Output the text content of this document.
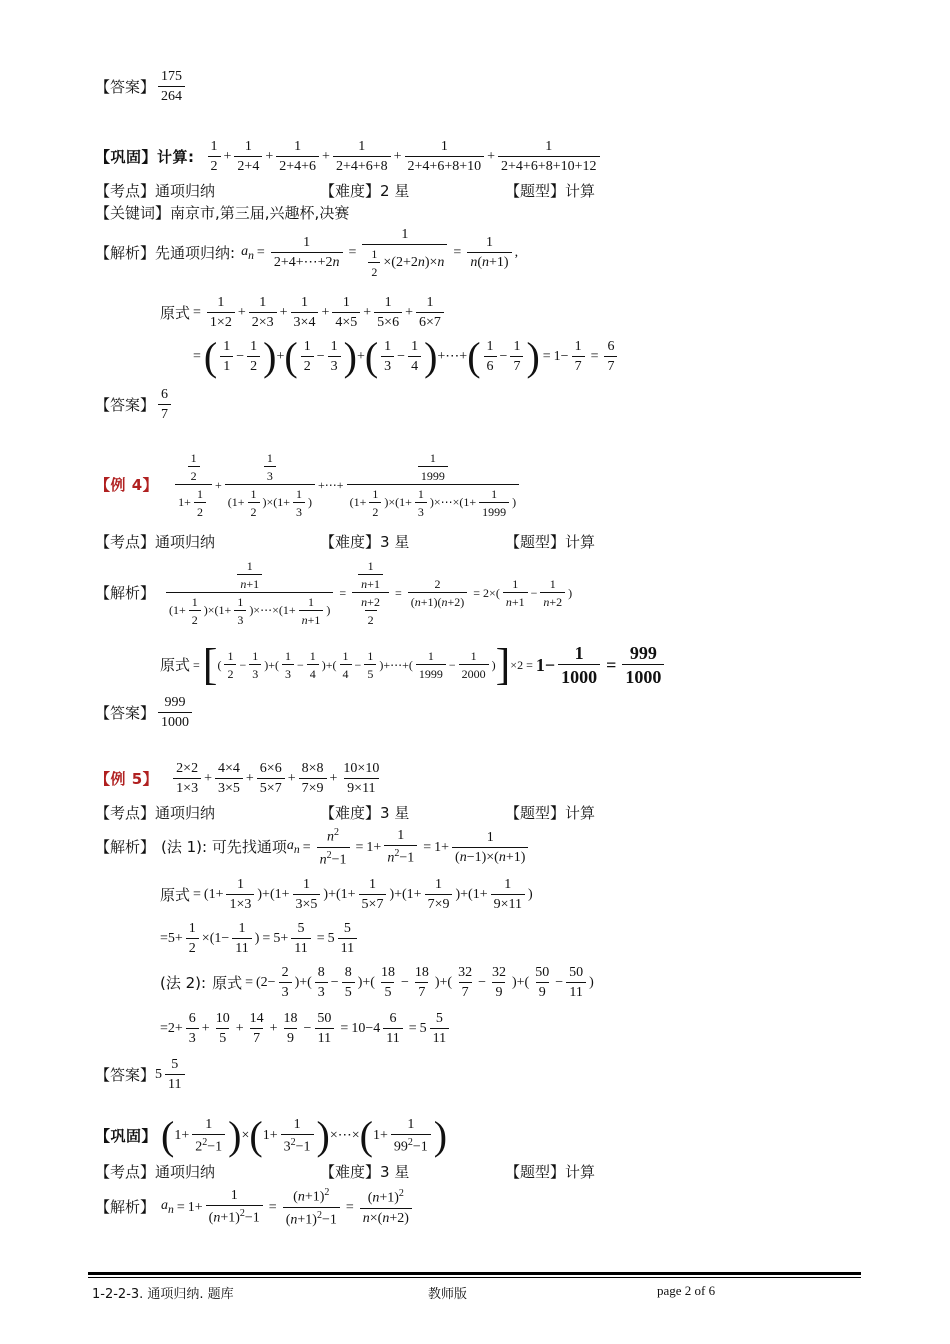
【答案】
175
264
【巩固】 计算:
1
2
+
1
2+4
+
1
2+4+6
+
1
2+4+6+8
+
1
2+4+6+8+10
+
1
2+4+6+8+10+12
【考点】通项归纳	【难度】2 星	【题型】计算
【关键词】 南京市,第三届,兴趣杯,决赛
【解析】 先通项归纳: $a_n = \frac{1}{2+4+\cdots+2n} = 1$
1
2
×(2+2 n )× $n = \frac{1}{n(n+1)}$ ,
原式 = $\frac{1}{1\times 2}$ +
1
2×3
+
1
3×4
+
1
4×5
+
1
5×6
+
1
6×7
= ( 1
1
−
1
2 ) + ( 1
2
−
1
3 ) + ( 1
3
−
1
4 ) +⋯+ ( 1
6
−
1
7 ) = $1- \frac{1}{7} = \frac{6}{7}$
【答案】
6
7
【例 4】
$\frac{1}{2}$
$1+ \frac{1}{2}$
+
$\frac{1}{3}$
$(1+ \frac{1}{2} )\times(1+ \frac{1}{3}$ )
+⋯+
$\frac{1}{1999}$
$(1+ \frac{1}{2} )\times(1+ \frac{1}{3}$ )×⋯×(1+ $\frac{1}{1999}$ )
【考点】通项归纳	【难度】3 星	【题型】计算
【解析】 $\frac{\frac{1}{n+1}}{(1+ \frac{1}{2} )\times(1+ \frac{1}{3} )\times\cdots\times(1+ \frac{1}{n+1} )} = \frac{\frac{1}{n+1}}{\frac{n+2}{2}} = \frac{2}{(n+1)(n+2)} = 2\times( \frac{1}{n+1}$ −
1
n+2
)
原式 = [ (
1
2
−
1
3
)+(
1
3
−
1
4
)+(
1
4
−
1
5
)+⋯+(
1
1999
−
1
2000
) ] $\times 2 = 1- \frac{1}{1000} = \frac{999}{1000}$
【答案】
999
1000
【例 5】
2×2
1×3
+
4×4
3×5
+
6×6
5×7
+
8×8
7×9
+
10×10
9×11
【考点】通项归纳	【难度】3 星	【题型】计算
【解析】 (法 1): 可先找通项 $a_n = \frac{n^2}{n^2-1} = 1+ \frac{1}{n^2-1} = 1+ \frac{1}{(n-1)\times(n+1)}$
原式 = $(1+ \frac{1}{1\times 3} )+(1+$
1
3×5
)+(1+
1
5×7
)+(1+
1
7×9
)+(1+
1
9×11
)
=5+
1
2
$\times(1- \frac{1}{11}$ ) = $5+ \frac{5}{11} = 5 \frac{5}{11}$
(法 2): 原式 = ($2- \frac{2}{3}$ )+(
8
3
−
8
5
)+(
18
5
−
18
7
)+(
32
7
−
32
9
)+(
50
9
−
50
11
)
=2+
6
3
+
10
5
+
14
7
+
18
9
− $\frac{50}{11} = 10-4 \frac{6}{11} = 5 \frac{5}{11}$
【答案】 5
5
11
【巩固】 ( 1+
1
$2^2-1$ ) × ( 1+
1
$3^2-1$ ) ×⋯× ( 1+
1
$99^2-1$ )
【考点】通项归纳	【难度】3 星	【题型】计算
【解析】 $a_n = 1+ \frac{1}{(n+1)^2-1} = \frac{(n+1)^2}{(n+1)^2-1} = \frac{(n+1)^2}{n\times(n+2)}$
1-2-2-3. 通项归纳. 题库	教师版	page 2 of 6
